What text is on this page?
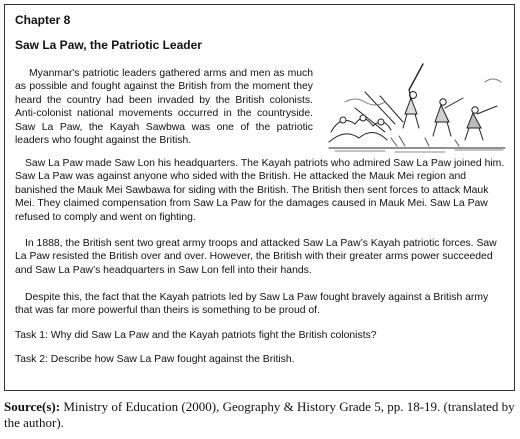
Chapter 8
Saw La Paw, the Patriotic Leader

Myanmar's patriotic leaders gathered arms and men as much as possible and fought against the British from the moment they heard the country had been invaded by the British colonists. Anti-colonist national movements occurred in the countryside. Saw La Paw, the Kayah Sawbwa was one of the patriotic leaders who fought against the British.

Saw La Paw made Saw Lon his headquarters. The Kayah patriots who admired Saw La Paw joined him. Saw La Paw was against anyone who sided with the British. He attacked the Mauk Mei region and banished the Mauk Mei Sawbawa for siding with the British. The British then sent forces to attack Mauk Mei. They claimed compensation from Saw La Paw for the damages caused in Mauk Mei. Saw La Paw refused to comply and went on fighting.

In 1888, the British sent two great army troops and attacked Saw La Paw’s Kayah patriotic forces. Saw La Paw resisted the British over and over. However, the British with their greater arms power succeeded and Saw La Paw’s headquarters in Saw Lon fell into their hands.

Despite this, the fact that the Kayah patriots led by Saw La Paw fought bravely against a British army that was far more powerful than theirs is something to be proud of.

Task 1: Why did Saw La Paw and the Kayah patriots fight the British colonists?

Task 2: Describe how Saw La Paw fought against the British.

Source(s): Ministry of Education (2000), Geography & History Grade 5, pp. 18-19. (translated by the author).
